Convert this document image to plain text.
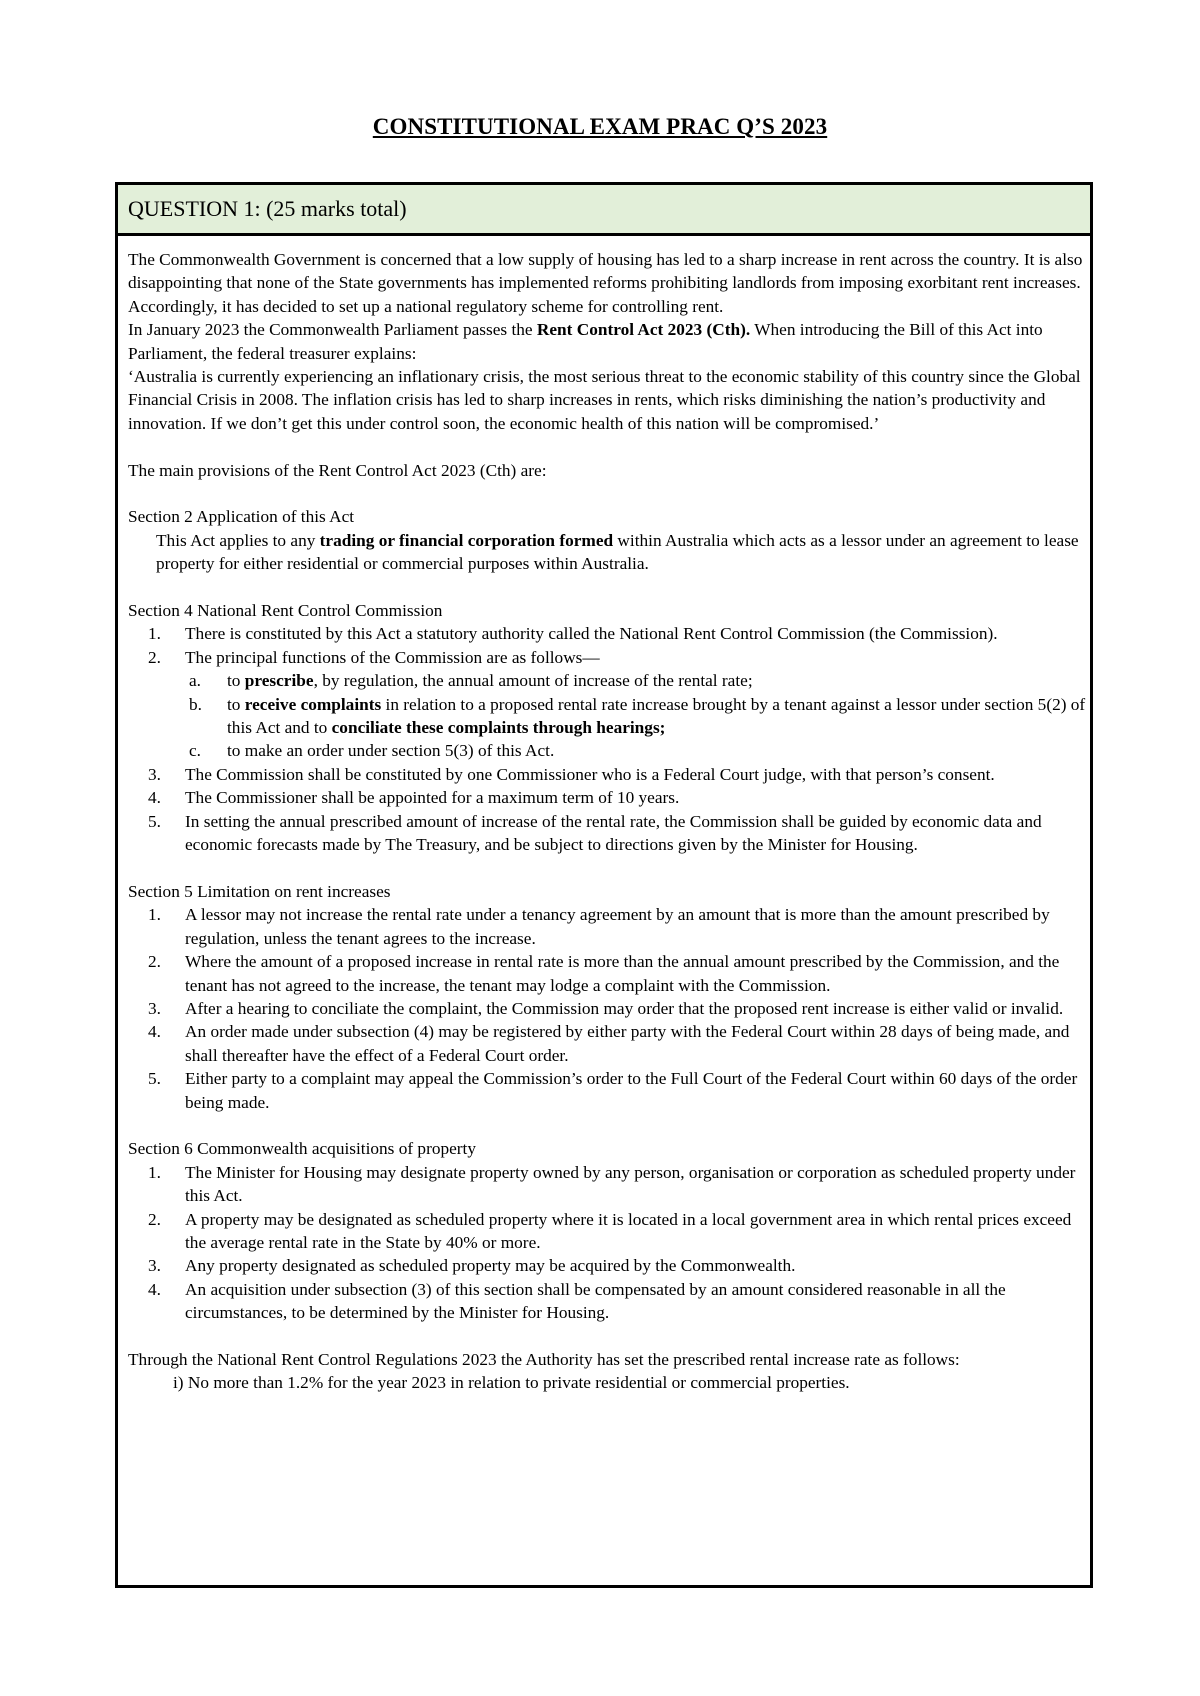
CONSTITUTIONAL EXAM PRAC Q’S 2023
QUESTION 1: (25 marks total)

The Commonwealth Government is concerned that a low supply of housing has led to a sharp increase in rent across the country. It is also disappointing that none of the State governments has implemented reforms prohibiting landlords from imposing exorbitant rent increases. Accordingly, it has decided to set up a national regulatory scheme for controlling rent.

In January 2023 the Commonwealth Parliament passes the Rent Control Act 2023 (Cth). When introducing the Bill of this Act into Parliament, the federal treasurer explains:

‘Australia is currently experiencing an inflationary crisis, the most serious threat to the economic stability of this country since the Global Financial Crisis in 2008. The inflation crisis has led to sharp increases in rents, which risks diminishing the nation’s productivity and innovation. If we don’t get this under control soon, the economic health of this nation will be compromised.’

The main provisions of the Rent Control Act 2023 (Cth) are:

Section 2 Application of this Act

This Act applies to any trading or financial corporation formed within Australia which acts as a lessor under an agreement to lease property for either residential or commercial purposes within Australia.

Section 4 National Rent Control Commission

1. There is constituted by this Act a statutory authority called the National Rent Control Commission (the Commission).
2. The principal functions of the Commission are as follows—
a. to prescribe, by regulation, the annual amount of increase of the rental rate;
b. to receive complaints in relation to a proposed rental rate increase brought by a tenant against a lessor under section 5(2) of this Act and to conciliate these complaints through hearings;
c. to make an order under section 5(3) of this Act.
3. The Commission shall be constituted by one Commissioner who is a Federal Court judge, with that person’s consent.
4. The Commissioner shall be appointed for a maximum term of 10 years.
5. In setting the annual prescribed amount of increase of the rental rate, the Commission shall be guided by economic data and economic forecasts made by The Treasury, and be subject to directions given by the Minister for Housing.

Section 5 Limitation on rent increases

1. A lessor may not increase the rental rate under a tenancy agreement by an amount that is more than the amount prescribed by regulation, unless the tenant agrees to the increase.
2. Where the amount of a proposed increase in rental rate is more than the annual amount prescribed by the Commission, and the tenant has not agreed to the increase, the tenant may lodge a complaint with the Commission.
3. After a hearing to conciliate the complaint, the Commission may order that the proposed rent increase is either valid or invalid.
4. An order made under subsection (4) may be registered by either party with the Federal Court within 28 days of being made, and shall thereafter have the effect of a Federal Court order.
5. Either party to a complaint may appeal the Commission’s order to the Full Court of the Federal Court within 60 days of the order being made.

Section 6 Commonwealth acquisitions of property

1. The Minister for Housing may designate property owned by any person, organisation or corporation as scheduled property under this Act.
2. A property may be designated as scheduled property where it is located in a local government area in which rental prices exceed the average rental rate in the State by 40% or more.
3. Any property designated as scheduled property may be acquired by the Commonwealth.
4. An acquisition under subsection (3) of this section shall be compensated by an amount considered reasonable in all the circumstances, to be determined by the Minister for Housing.

Through the National Rent Control Regulations 2023 the Authority has set the prescribed rental increase rate as follows:

i) No more than 1.2% for the year 2023 in relation to private residential or commercial properties.
